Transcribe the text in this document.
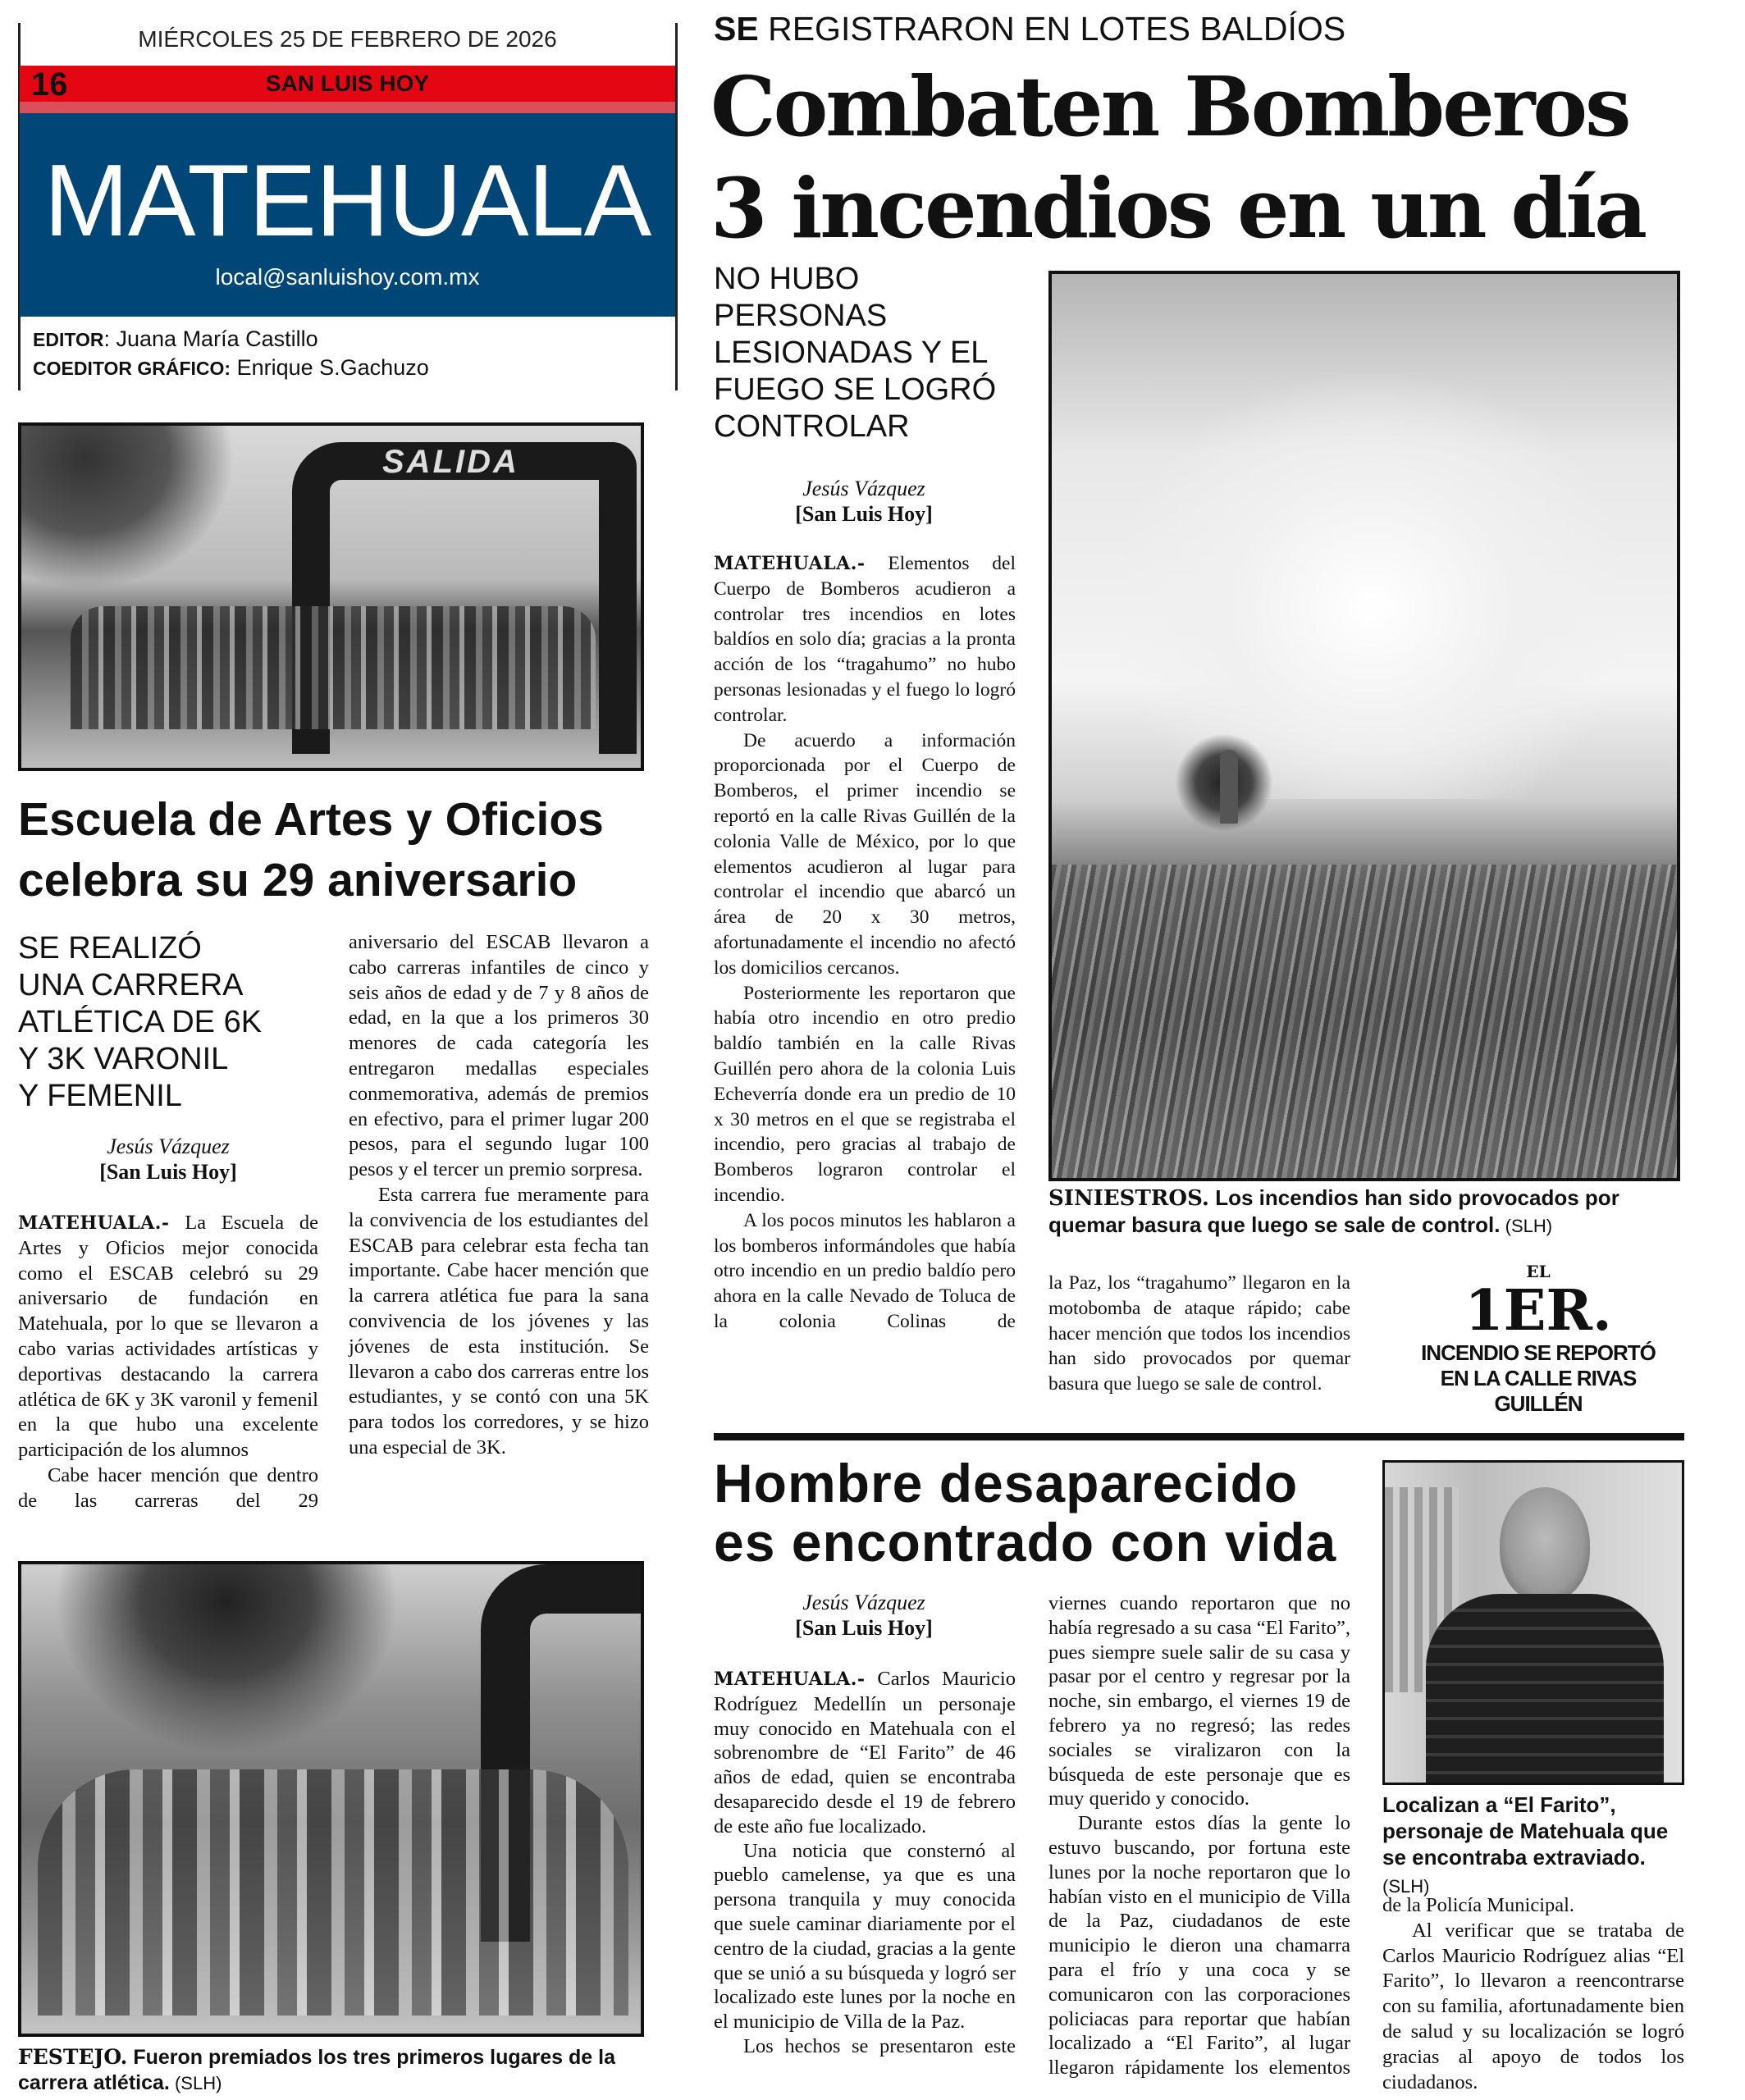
MIÉRCOLES 25 DE FEBRERO DE 2026
16	SAN LUIS HOY
MATEHUALA
local@sanluishoy.com.mx
EDITOR: Juana María Castillo
COEDITOR GRÁFICO: Enrique S.Gachuzo
SALIDA
Escuela de Artes y Oficios
celebra su 29 aniversario
SE REALIZÓ
UNA CARRERA
ATLÉTICA DE 6K
Y 3K VARONIL
Y FEMENIL
Jesús Vázquez
[San Luis Hoy]

MATEHUALA.- La Escuela de Artes y Oficios mejor conocida como el ESCAB celebró su 29 aniversario de fundación en Matehuala, por lo que se llevaron a cabo varias actividades artísticas y deportivas destacando la carrera atlética de 6K y 3K varonil y femenil en la que hubo una excelente participación de los alumnos

Cabe hacer mención que dentro de las carreras del 29

aniversario del ESCAB llevaron a cabo carreras infantiles de cinco y seis años de edad y de 7 y 8 años de edad, en la que a los primeros 30 menores de cada categoría les entregaron medallas especiales conmemorativa, además de premios en efectivo, para el primer lugar 200 pesos, para el segundo lugar 100 pesos y el tercer un premio sorpresa.

Esta carrera fue meramente para la convivencia de los estudiantes del ESCAB para celebrar esta fecha tan importante. Cabe hacer mención que la carrera atlética fue para la sana convivencia de los jóvenes y las jóvenes de esta institución. Se llevaron a cabo dos carreras entre los estudiantes, y se contó con una 5K para todos los corredores, y se hizo una especial de 3K.

FESTEJO. Fueron premiados los tres primeros lugares de la carrera atlética. (SLH)
SE REGISTRARON EN LOTES BALDÍOS
Combaten Bomberos
3 incendios en un día
NO HUBO
PERSONAS
LESIONADAS Y EL
FUEGO SE LOGRÓ
CONTROLAR
Jesús Vázquez
[San Luis Hoy]

MATEHUALA.- Elementos del Cuerpo de Bomberos acudieron a controlar tres incendios en lotes baldíos en solo día; gracias a la pronta acción de los “tragahumo” no hubo personas lesionadas y el fuego lo logró controlar.

De acuerdo a información proporcionada por el Cuerpo de Bomberos, el primer incendio se reportó en la calle Rivas Guillén de la colonia Valle de México, por lo que elementos acudieron al lugar para controlar el incendio que abarcó un área de 20 x 30 metros, afortunadamente el incendio no afectó los domicilios cercanos.

Posteriormente les reportaron que había otro incendio en otro predio baldío también en la calle Rivas Guillén pero ahora de la colonia Luis Echeverría donde era un predio de 10 x 30 metros en el que se registraba el incendio, pero gracias al trabajo de Bomberos lograron controlar el incendio.

A los pocos minutos les hablaron a los bomberos informándoles que había otro incendio en un predio baldío pero ahora en la calle Nevado de Toluca de la colonia Colinas de

SINIESTROS. Los incendios han sido provocados por quemar basura que luego se sale de control. (SLH)

la Paz, los “tragahumo” llegaron en la motobomba de ataque rápido; cabe hacer mención que todos los incendios han sido provocados por quemar basura que luego se sale de control.

EL
1ER.
INCENDIO SE REPORTÓ
EN LA CALLE RIVAS
GUILLÉN
Hombre desaparecido
es encontrado con vida
Jesús Vázquez
[San Luis Hoy]

MATEHUALA.- Carlos Mauricio Rodríguez Medellín un personaje muy conocido en Matehuala con el sobrenombre de “El Farito” de 46 años de edad, quien se encontraba desaparecido desde el 19 de febrero de este año fue localizado.

Una noticia que consternó al pueblo camelense, ya que es una persona tranquila y muy conocida que suele caminar diariamente por el centro de la ciudad, gracias a la gente que se unió a su búsqueda y logró ser localizado este lunes por la noche en el municipio de Villa de la Paz.

Los hechos se presentaron este

viernes cuando reportaron que no había regresado a su casa “El Farito”, pues siempre suele salir de su casa y pasar por el centro y regresar por la noche, sin embargo, el viernes 19 de febrero ya no regresó; las redes sociales se viralizaron con la búsqueda de este personaje que es muy querido y conocido.

Durante estos días la gente lo estuvo buscando, por fortuna este lunes por la noche reportaron que lo habían visto en el municipio de Villa de la Paz, ciudadanos de este municipio le dieron una chamarra para el frío y una coca y se comunicaron con las corporaciones policiacas para reportar que habían localizado a “El Farito”, al lugar llegaron rápidamente los elementos

Localizan a “El Farito”, personaje de Matehuala que se encontraba extraviado. (SLH)

de la Policía Municipal.

Al verificar que se trataba de Carlos Mauricio Rodríguez alias “El Farito”, lo llevaron a reencontrarse con su familia, afortunadamente bien de salud y su localización se logró gracias al apoyo de todos los ciudadanos.
